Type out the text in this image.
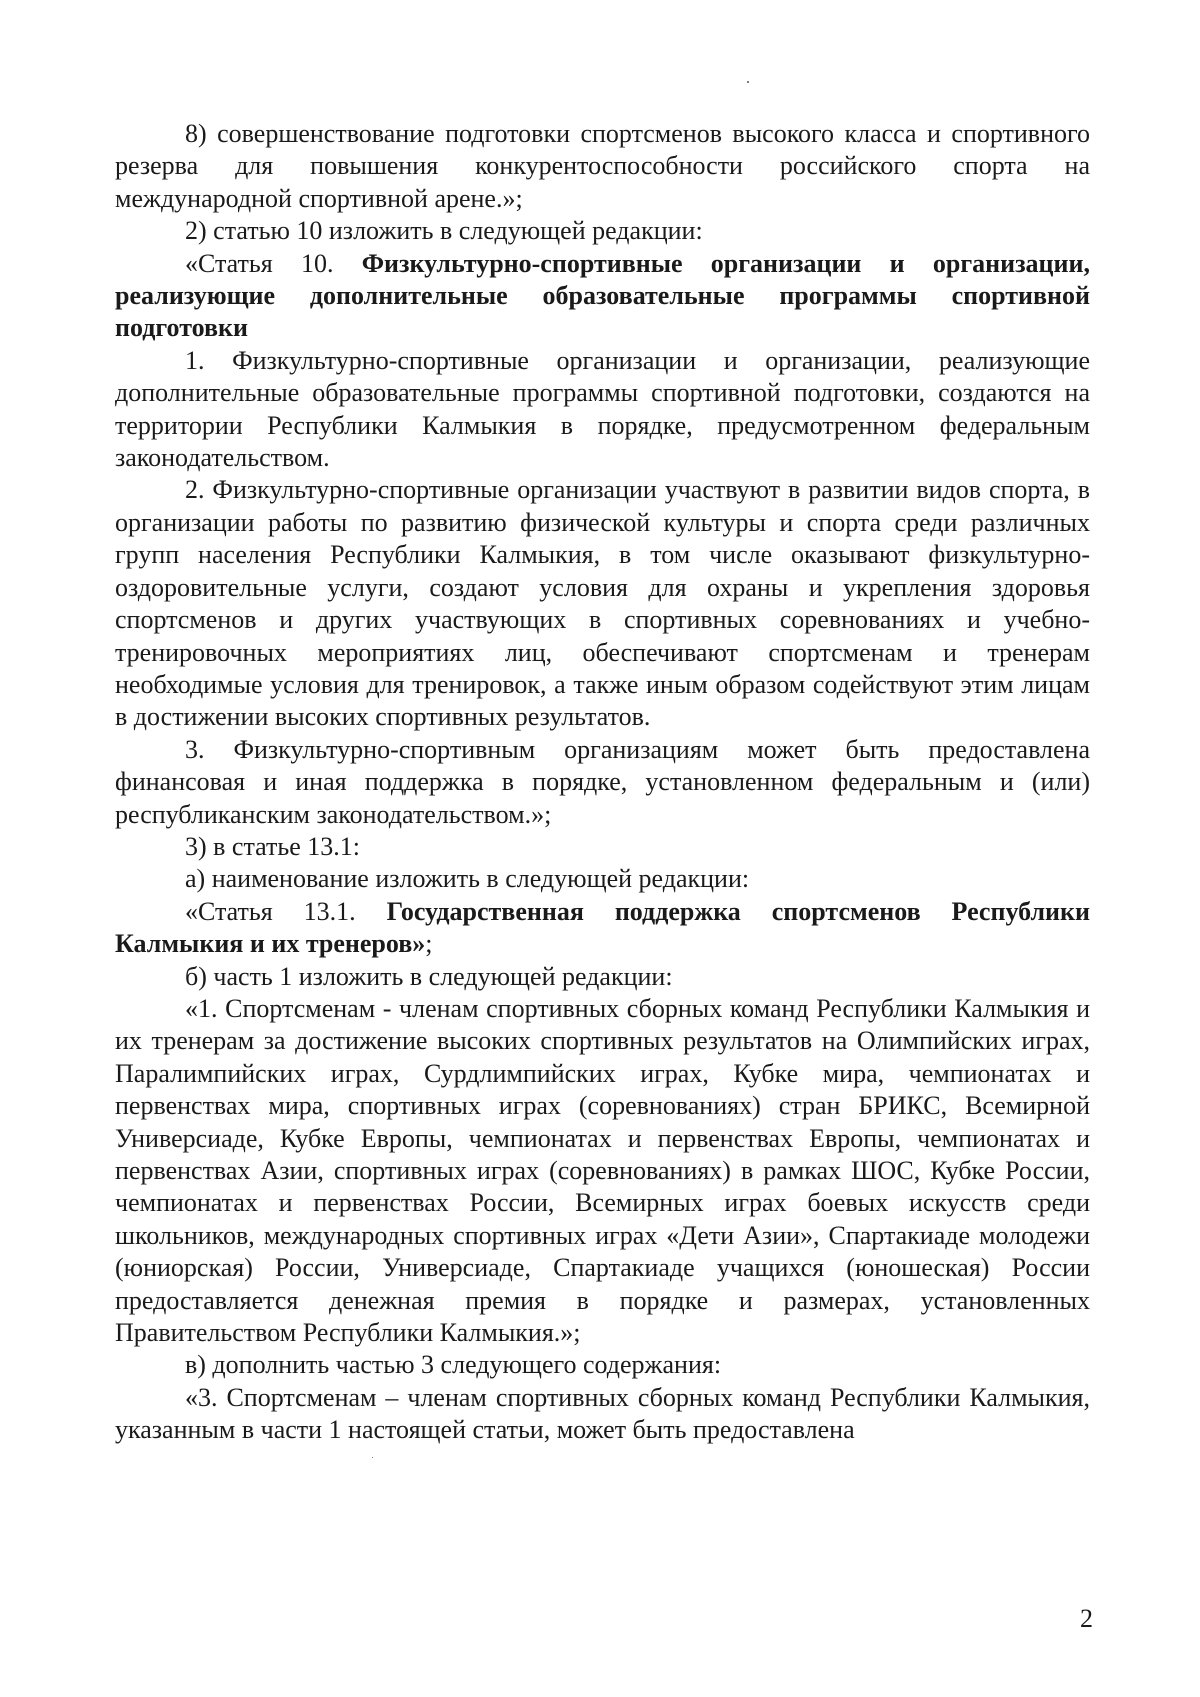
8) совершенствование подготовки спортсменов высокого класса и спортивного резерва для повышения конкурентоспособности российского спорта на международной спортивной арене.»;

2) статью 10 изложить в следующей редакции:

«Статья 10. Физкультурно-спортивные организации и организации, реализующие дополнительные образовательные программы спортивной подготовки

1. Физкультурно-спортивные организации и организации, реализующие дополнительные образовательные программы спортивной подготовки, создаются на территории Республики Калмыкия в порядке, предусмотренном федеральным законодательством.

2. Физкультурно-спортивные организации участвуют в развитии видов спорта, в организации работы по развитию физической культуры и спорта среди различных групп населения Республики Калмыкия, в том числе оказывают физкультурно-оздоровительные услуги, создают условия для охраны и укрепления здоровья спортсменов и других участвующих в спортивных соревнованиях и учебно-тренировочных мероприятиях лиц, обеспечивают спортсменам и тренерам необходимые условия для тренировок, а также иным образом содействуют этим лицам в достижении высоких спортивных результатов.

3. Физкультурно-спортивным организациям может быть предоставлена финансовая и иная поддержка в порядке, установленном федеральным и (или) республиканским законодательством.»;

3) в статье 13.1:

а) наименование изложить в следующей редакции:

«Статья 13.1. Государственная поддержка спортсменов Республики Калмыкия и их тренеров»;

б) часть 1 изложить в следующей редакции:

«1. Спортсменам - членам спортивных сборных команд Республики Калмыкия и их тренерам за достижение высоких спортивных результатов на Олимпийских играх, Паралимпийских играх, Сурдлимпийских играх, Кубке мира, чемпионатах и первенствах мира, спортивных играх (соревнованиях) стран БРИКС, Всемирной Универсиаде, Кубке Европы, чемпионатах и первенствах Европы, чемпионатах и первенствах Азии, спортивных играх (соревнованиях) в рамках ШОС, Кубке России, чемпионатах и первенствах России, Всемирных играх боевых искусств среди школьников, международных спортивных играх «Дети Азии», Спартакиаде молодежи (юниорская) России, Универсиаде, Спартакиаде учащихся (юношеская) России предоставляется денежная премия в порядке и размерах, установленных Правительством Республики Калмыкия.»;

в) дополнить частью 3 следующего содержания:

«3. Спортсменам – членам спортивных сборных команд Республики Калмыкия, указанным в части 1 настоящей статьи, может быть предоставлена

2
